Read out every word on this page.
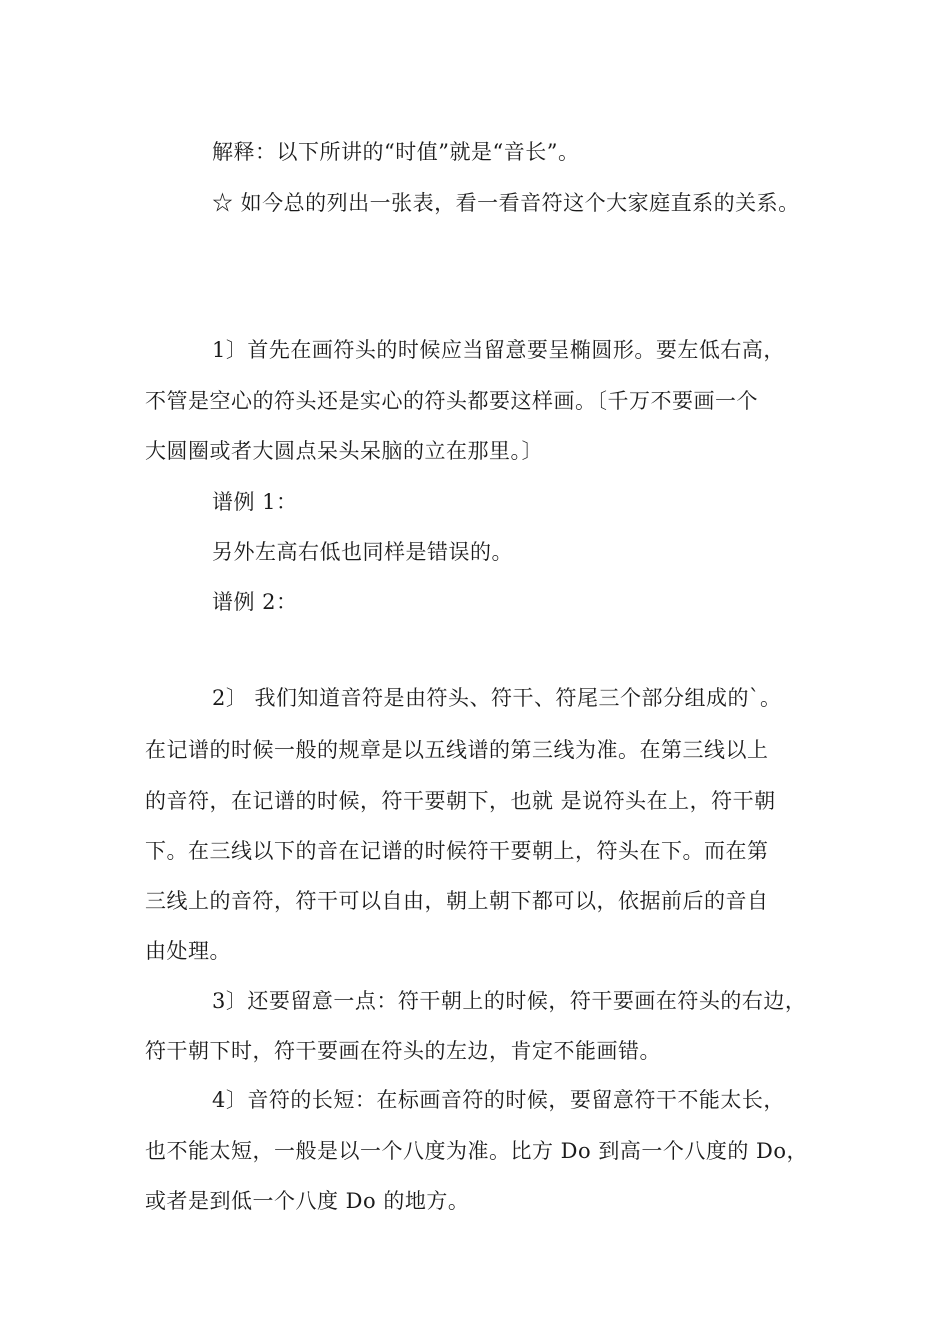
解释：以下所讲的“时值”就是“音长”。
☆ 如今总的列出一张表，看一看音符这个大家庭直系的关系。
1〕首先在画符头的时候应当留意要呈椭圆形。要左低右高，
不管是空心的符头还是实心的符头都要这样画。〔千万不要画一个
大圆圈或者大圆点呆头呆脑的立在那里。〕
谱例 1：
另外左高右低也同样是错误的。
谱例 2：
2〕 我们知道音符是由符头、符干、符尾三个部分组成的`。
在记谱的时候一般的规章是以五线谱的第三线为准。在第三线以上
的音符，在记谱的时候，符干要朝下，也就 是说符头在上，符干朝
下。在三线以下的音在记谱的时候符干要朝上，符头在下。而在第
三线上的音符，符干可以自由，朝上朝下都可以，依据前后的音自
由处理。
3〕还要留意一点：符干朝上的时候，符干要画在符头的右边，
符干朝下时，符干要画在符头的左边，肯定不能画错。
4〕音符的长短：在标画音符的时候，要留意符干不能太长，
也不能太短，一般是以一个八度为准。比方 Do 到高一个八度的 Do，
或者是到低一个八度 Do 的地方。
